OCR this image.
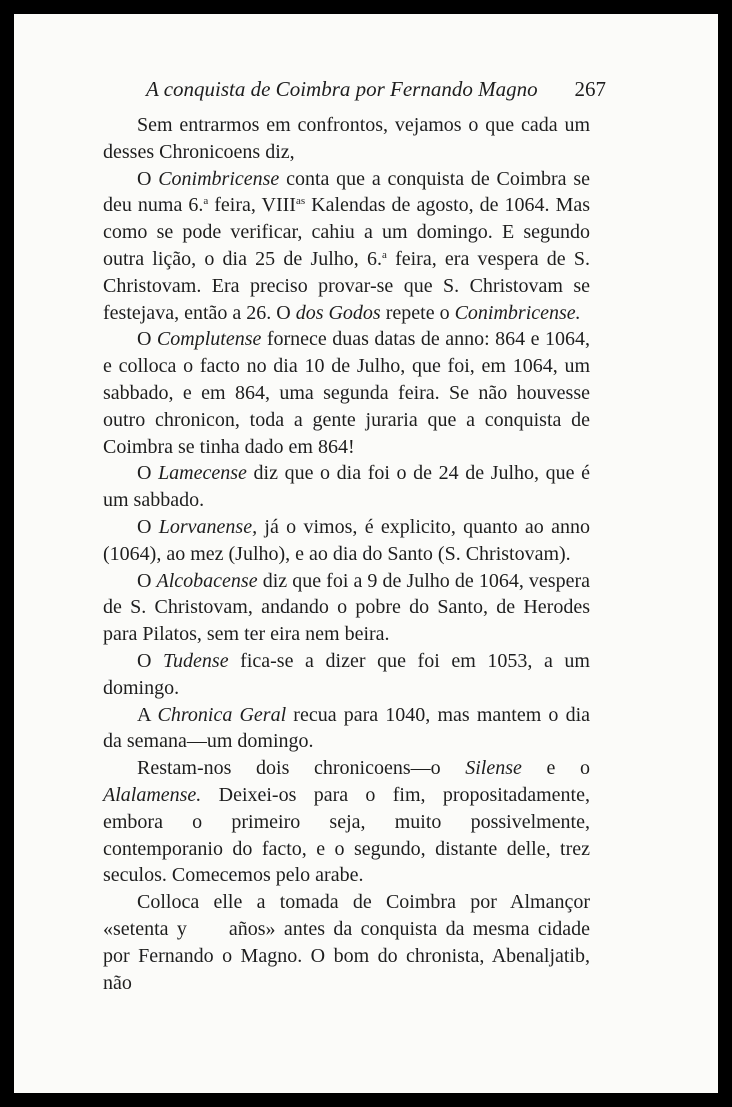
A conquista de Coimbra por Fernando Magno 267

Sem entrarmos em confrontos, vejamos o que cada um desses Chronicoens diz,

O Conimbricense conta que a conquista de Coimbra se deu numa 6.$^a$ feira, $VIII^{as}$ Kalendas de agosto, de 1064. Mas como se pode verificar, cahiu a um domingo. E segundo outra lição, o dia 25 de Julho, 6.$^a$ feira, era vespera de S. Christovam. Era preciso provar-se que S. Christovam se festejava, então a 26. O dos Godos repete o Conimbricense.

O Complutense fornece duas datas de anno: 864 e 1064, e colloca o facto no dia 10 de Julho, que foi, em 1064, um sabbado, e em 864, uma segunda feira. Se não houvesse outro chronicon, toda a gente juraria que a conquista de Coimbra se tinha dado em 864!

O Lamecense diz que o dia foi o de 24 de Julho, que é um sabbado.

O Lorvanense, já o vimos, é explicito, quanto ao anno (1064), ao mez (Julho), e ao dia do Santo (S. Christovam).

O Alcobacense diz que foi a 9 de Julho de 1064, vespera de S. Christovam, andando o pobre do Santo, de Herodes para Pilatos, sem ter eira nem beira.

O Tudense fica-se a dizer que foi em 1053, a um domingo.

A Chronica Geral recua para 1040, mas mantem o dia da semana—um domingo.

Restam-nos dois chronicoens—o Silense e o Alalamense. Deixei-os para o fim, propositadamente, embora o primeiro seja, muito possivelmente, contemporanio do facto, e o segundo, distante delle, trez seculos. Comecemos pelo arabe.

Colloca elle a tomada de Coimbra por Almançor «setenta y años» antes da conquista da mesma cidade por Fernando o Magno. O bom do chronista, Abenaljatib, não
